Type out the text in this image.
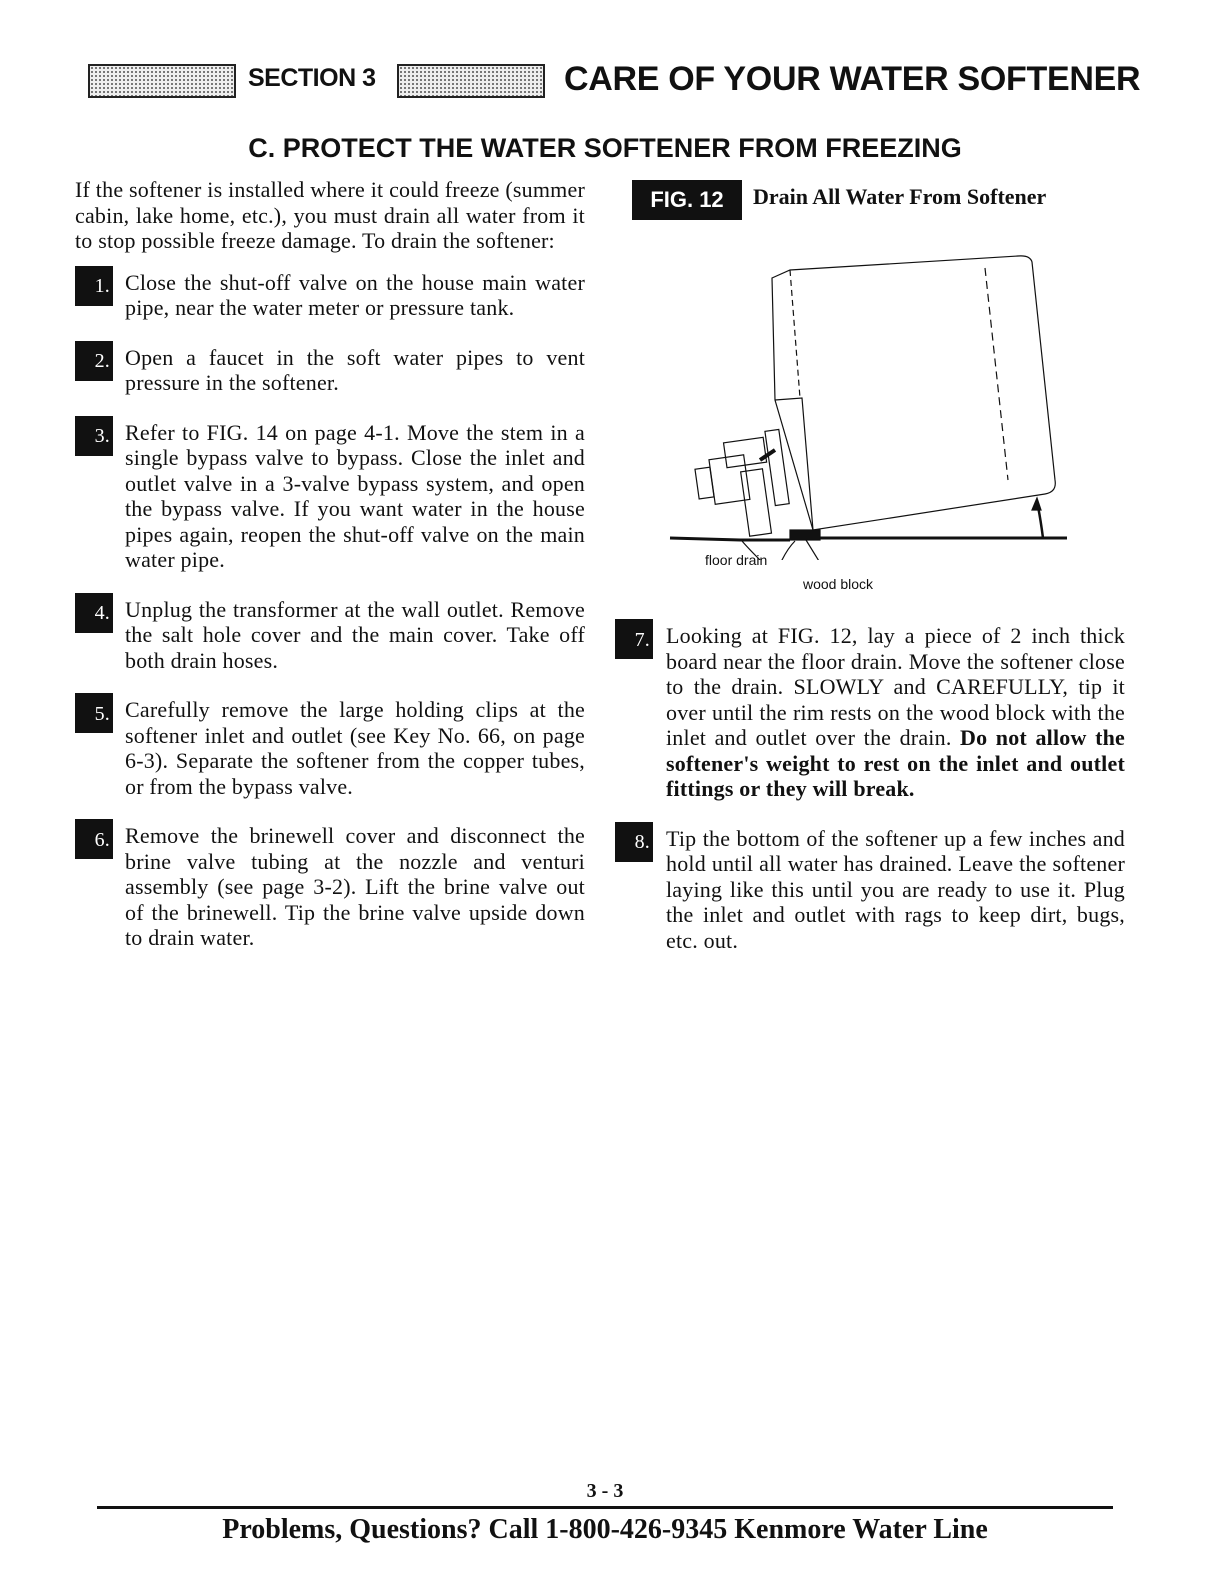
SECTION 3	CARE OF YOUR WATER SOFTENER
C. PROTECT THE WATER SOFTENER FROM FREEZING

If the softener is installed where it could freeze (summer cabin, lake home, etc.), you must drain all water from it to stop possible freeze damage. To drain the softener:

1. Close the shut-off valve on the house main water pipe, near the water meter or pressure tank.
2. Open a faucet in the soft water pipes to vent pressure in the softener.
3. Refer to FIG. 14 on page 4-1. Move the stem in a single bypass valve to bypass. Close the inlet and outlet valve in a 3-valve bypass system, and open the bypass valve. If you want water in the house pipes again, reopen the shut-off valve on the main water pipe.
4. Unplug the transformer at the wall outlet. Remove the salt hole cover and the main cover. Take off both drain hoses.
5. Carefully remove the large holding clips at the softener inlet and outlet (see Key No. 66, on page 6-3). Separate the softener from the copper tubes, or from the bypass valve.
6. Remove the brinewell cover and disconnect the brine valve tubing at the nozzle and venturi assembly (see page 3-2). Lift the brine valve out of the brinewell. Tip the brine valve upside down to drain water.
FIG. 12	Drain All Water From Softener
floor drain
wood block
7. Looking at FIG. 12, lay a piece of 2 inch thick board near the floor drain. Move the softener close to the drain. SLOWLY and CAREFULLY, tip it over until the rim rests on the wood block with the inlet and outlet over the drain. Do not allow the softener's weight to rest on the inlet and outlet fittings or they will break.
8. Tip the bottom of the softener up a few inches and hold until all water has drained. Leave the softener laying like this until you are ready to use it. Plug the inlet and outlet with rags to keep dirt, bugs, etc. out.
3 - 3
Problems, Questions? Call 1-800-426-9345 Kenmore Water Line
